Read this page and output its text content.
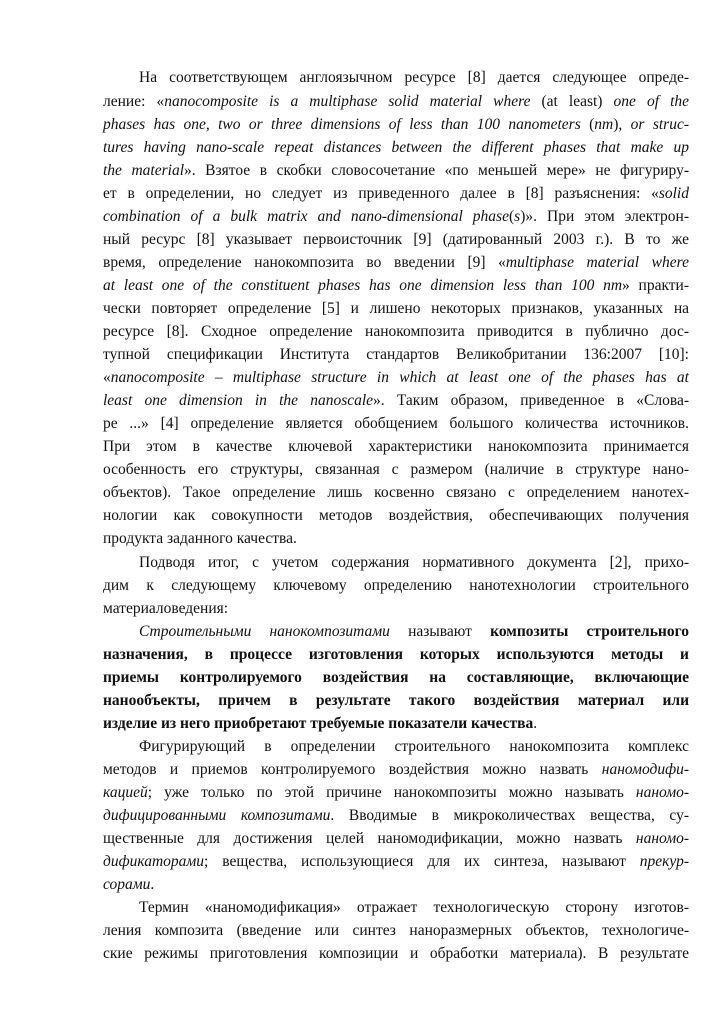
На соответствующем англоязычном ресурсе [8] дается следующее опреде-
ление: «nanocomposite is a multiphase solid material where (at least) one of the
phases has one, two or three dimensions of less than 100 nanometers (nm), or struc-
tures having nano-scale repeat distances between the different phases that make up
the material». Взятое в скобки словосочетание «по меньшей мере» не фигуриру-
ет в определении, но следует из приведенного далее в [8] разъяснения: «solid
combination of a bulk matrix and nano-dimensional phase(s)». При этом электрон-
ный ресурс [8] указывает первоисточник [9] (датированный 2003 г.). В то же
время, определение нанокомпозита во введении [9] «multiphase material where
at least one of the constituent phases has one dimension less than 100 nm» практи-
чески повторяет определение [5] и лишено некоторых признаков, указанных на
ресурсе [8]. Сходное определение нанокомпозита приводится в публично дос-
тупной спецификации Института стандартов Великобритании 136:2007 [10]:
«nanocomposite – multiphase structure in which at least one of the phases has at
least one dimension in the nanoscale». Таким образом, приведенное в «Слова-
ре ...» [4] определение является обобщением большого количества источников.
При этом в качестве ключевой характеристики нанокомпозита принимается
особенность его структуры, связанная с размером (наличие в структуре нано-
объектов). Такое определение лишь косвенно связано с определением нанотех-
нологии как совокупности методов воздействия, обеспечивающих получения
продукта заданного качества.
Подводя итог, с учетом содержания нормативного документа [2], прихо-
дим к следующему ключевому определению нанотехнологии строительного
материаловедения:
Строительными нанокомпозитами называют композиты строительного
назначения, в процессе изготовления которых используются методы и
приемы контролируемого воздействия на составляющие, включающие
нанообъекты, причем в результате такого воздействия материал или
изделие из него приобретают требуемые показатели качества.
Фигурирующий в определении строительного нанокомпозита комплекс
методов и приемов контролируемого воздействия можно назвать наномодифи-
кацией; уже только по этой причине нанокомпозиты можно называть наномо-
дифицированными композитами. Вводимые в микроколичествах вещества, су-
щественные для достижения целей наномодификации, можно назвать наномо-
дификаторами; вещества, использующиеся для их синтеза, называют прекур-
сорами.
Термин «наномодификация» отражает технологическую сторону изготов-
ления композита (введение или синтез наноразмерных объектов, технологиче-
ские режимы приготовления композиции и обработки материала). В результате
